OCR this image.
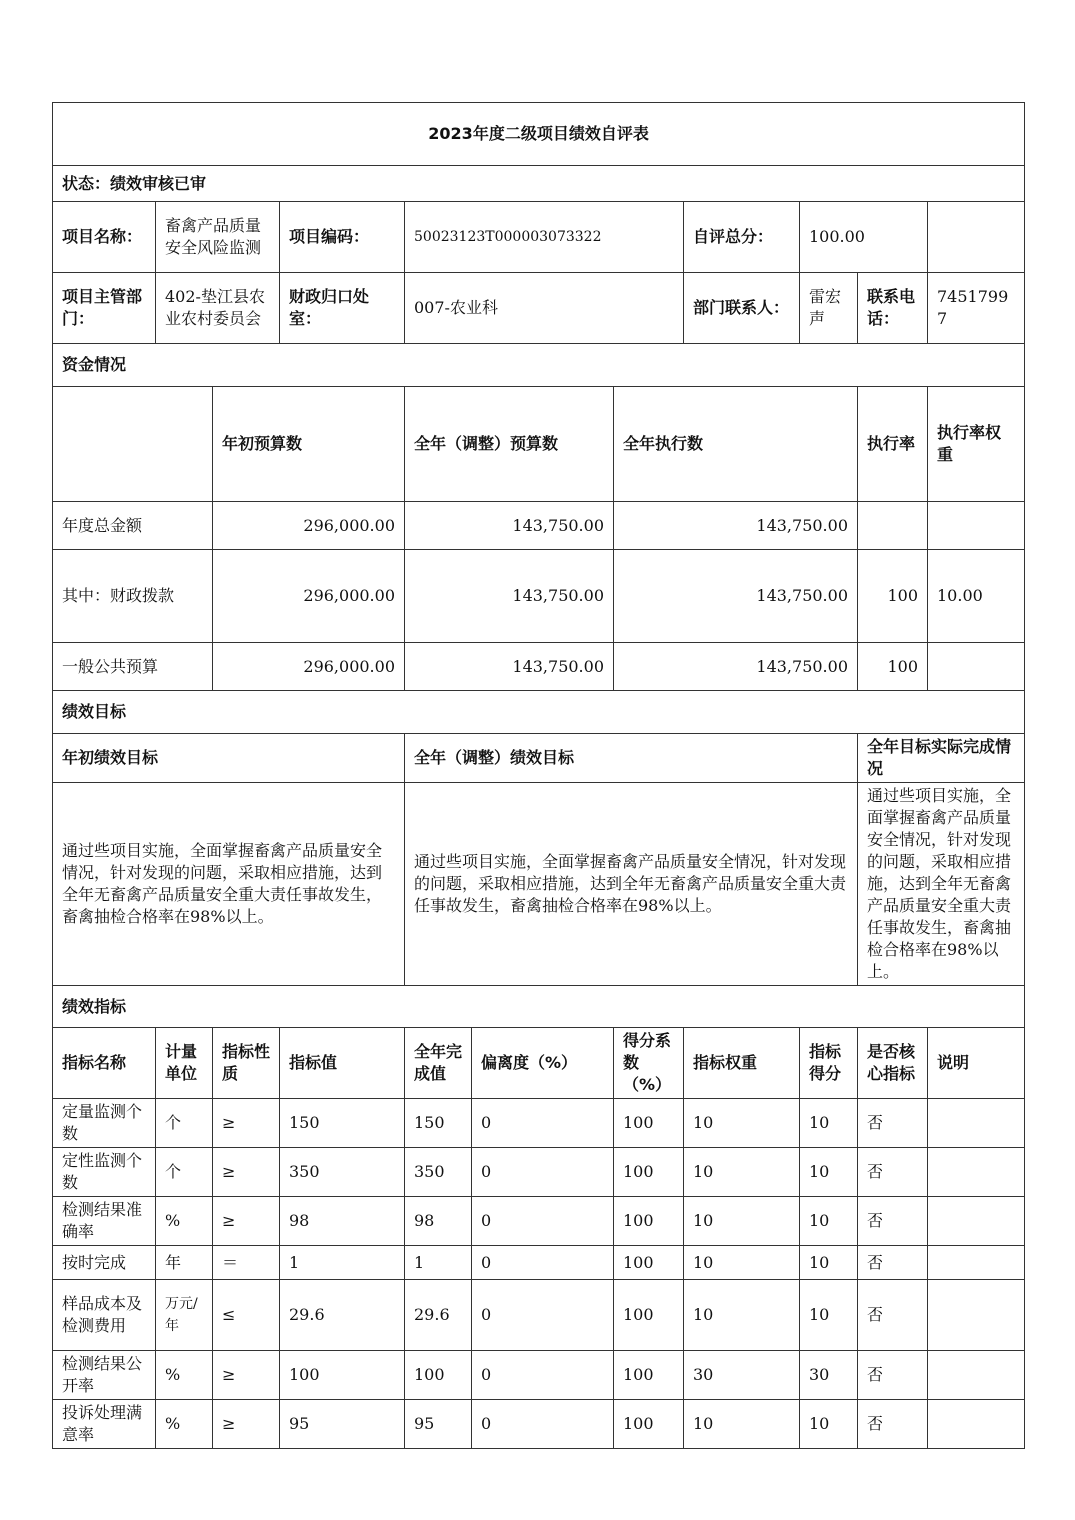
2023年度二级项目绩效自评表											
状态：绩效审核已审											
项目名称：	畜禽产品质量安全风险监测		项目编码：	50023123T000003073322			自评总分：	100.00			
项目主管部门：	402-垫江县农业农村委员会		财政归口处室：	007-农业科			部门联系人：	雷宏声	联系电话：	74517997	
资金情况											
		年初预算数		全年（调整）预算数		全年执行数			执行率	执行率权重	
年度总金额		296,000.00		143,750.00		143,750.00					
其中：财政拨款		296,000.00		143,750.00		143,750.00			100	10.00	
一般公共预算		296,000.00		143,750.00		143,750.00			100		
绩效目标											
年初绩效目标				全年（调整）绩效目标					全年目标实际完成情况		
通过些项目实施，全面掌握畜禽产品质量安全情况，针对发现的问题，采取相应措施，达到全年无畜禽产品质量安全重大责任事故发生，畜禽抽检合格率在98%以上。				通过些项目实施，全面掌握畜禽产品质量安全情况，针对发现的问题，采取相应措施，达到全年无畜禽产品质量安全重大责任事故发生，畜禽抽检合格率在98%以上。					通过些项目实施，全面掌握畜禽产品质量安全情况，针对发现的问题，采取相应措施，达到全年无畜禽产品质量安全重大责任事故发生，畜禽抽检合格率在98%以上。		
绩效指标											
指标名称	计量单位	指标性质	指标值	全年完成值	偏离度（%）	得分系数（%）	指标权重	指标得分	是否核心指标	说明	
定量监测个数	个	≥	150	150	0	100	10	10	否		
定性监测个数	个	≥	350	350	0	100	10	10	否		
检测结果准确率	%	≥	98	98	0	100	10	10	否		
按时完成	年	＝	1	1	0	100	10	10	否		
样品成本及检测费用	万元/年	≤	29.6	29.6	0	100	10	10	否		
检测结果公开率	%	≥	100	100	0	100	30	30	否		
投诉处理满意率	%	≥	95	95	0	100	10	10	否		
